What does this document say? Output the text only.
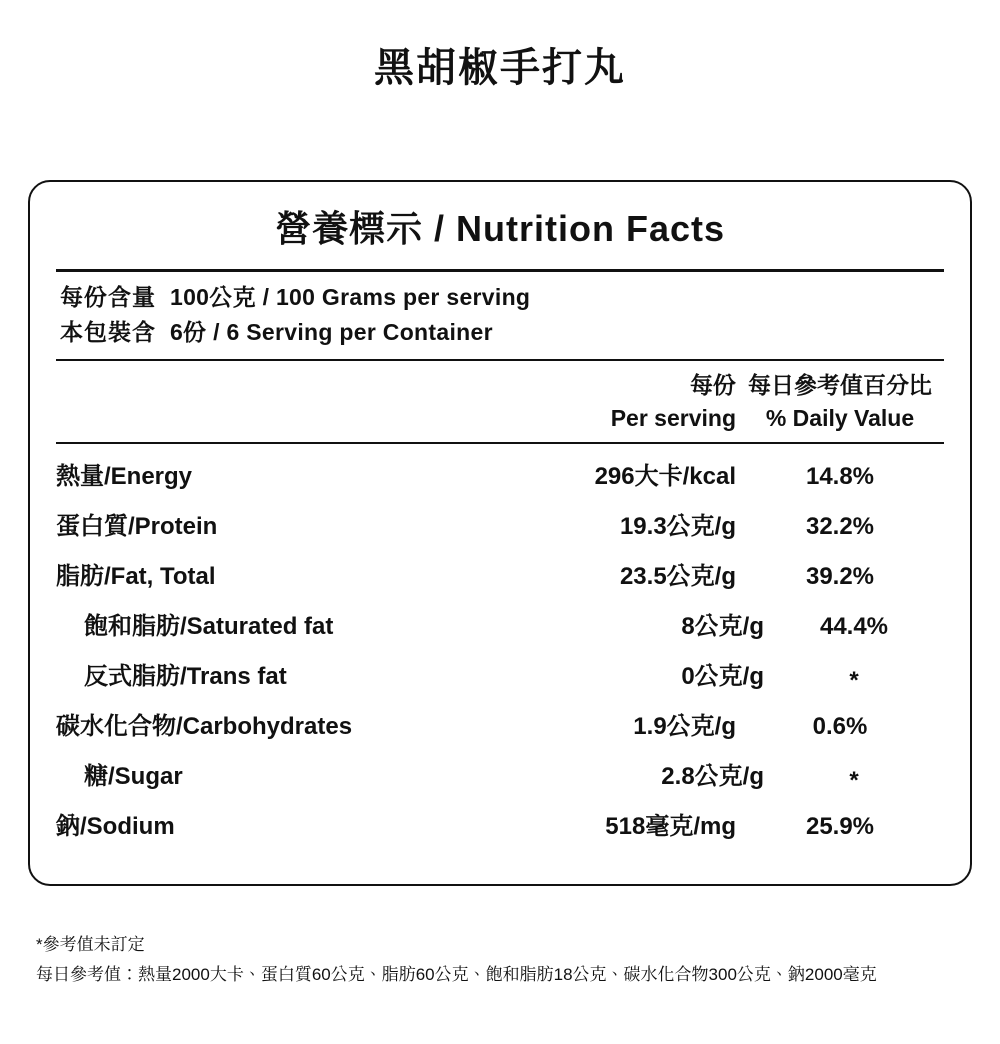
黑胡椒手打丸
營養標示 / Nutrition Facts
每份含量 100公克 / 100 Grams per serving
本包裝含 6份 / 6 Serving per Container
每份
Per serving
每日參考值百分比
% Daily Value
熱量/Energy	296大卡/kcal	14.8%
蛋白質/Protein	19.3公克/g	32.2%
脂肪/Fat, Total	23.5公克/g	39.2%
飽和脂肪/Saturated fat	8公克/g	44.4%
反式脂肪/Trans fat	0公克/g	*
碳水化合物/Carbohydrates	1.9公克/g	0.6%
糖/Sugar	2.8公克/g	*
鈉/Sodium	518毫克/mg	25.9%
*參考值未訂定
每日參考值：熱量2000大卡、蛋白質60公克、脂肪60公克、飽和脂肪18公克、碳水化合物300公克、鈉2000毫克
